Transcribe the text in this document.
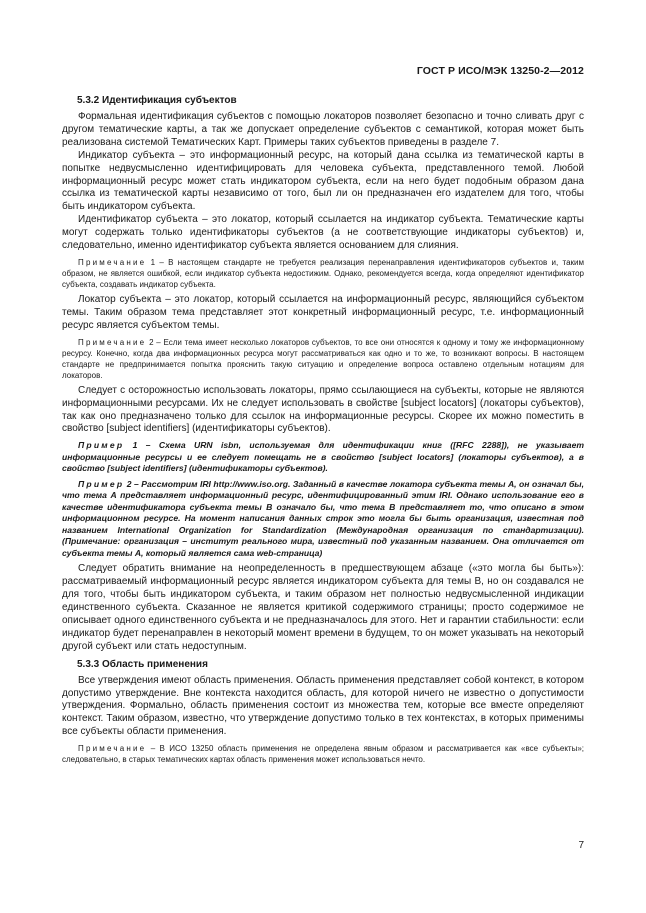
ГОСТ Р ИСО/МЭК 13250-2—2012
5.3.2 Идентификация субъектов

Формальная идентификация субъектов с помощью локаторов позволяет безопасно и точно сливать друг с другом тематические карты, а так же допускает определение субъектов с семантикой, которая может быть реализована системой Тематических Карт. Примеры таких субъектов приведены в разделе 7.

Индикатор субъекта – это информационный ресурс, на который дана ссылка из тематической карты в попытке недвусмысленно идентифицировать для человека субъекта, представленного темой. Любой информационный ресурс может стать индикатором субъекта, если на него будет подобным образом дана ссылка из тематической карты независимо от того, был ли он предназначен его издателем для того, чтобы быть индикатором субъекта.

Идентификатор субъекта – это локатор, который ссылается на индикатор субъекта. Тематические карты могут содержать только идентификаторы субъектов (а не соответствующие индикаторы субъектов) и, следовательно, именно идентификатор субъекта является основанием для слияния.

Примечание 1 – В настоящем стандарте не требуется реализация перенаправления идентификаторов субъектов и, таким образом, не является ошибкой, если индикатор субъекта недостижим. Однако, рекомендуется всегда, когда определяют идентификатор субъекта, создавать индикатор субъекта.

Локатор субъекта – это локатор, который ссылается на информационный ресурс, являющийся субъектом темы. Таким образом тема представляет этот конкретный информационный ресурс, т.е. информационный ресурс является субъектом темы.

Примечание 2 – Если тема имеет несколько локаторов субъектов, то все они относятся к одному и тому же информационному ресурсу. Конечно, когда два информационных ресурса могут рассматриваться как одно и то же, то возникают вопросы. В настоящем стандарте не предпринимается попытка прояснить такую ситуацию и определение вопроса оставлено отдельным нотациям для локаторов.

Следует с осторожностью использовать локаторы, прямо ссылающиеся на субъекты, которые не являются информационными ресурсами. Их не следует использовать в свойстве [subject locators] (локаторы субъектов), так как оно предназначено только для ссылок на информационные ресурсы. Скорее их можно поместить в свойство [subject identifiers] (идентификаторы субъектов).

Пример 1 – Схема URN isbn, используемая для идентификации книг ([RFC 2288]), не указывает информационные ресурсы и ее следует помещать не в свойство [subject locators] (локаторы субъектов), а в свойство [subject identifiers] (идентификаторы субъектов).

Пример 2 – Рассмотрим IRI http://www.iso.org. Заданный в качестве локатора субъекта темы A, он означал бы, что тема A представляет информационный ресурс, идентифицированный этим IRI. Однако использование его в качестве идентификатора субъекта темы B означало бы, что тема B представляет то, что описано в этом информационном ресурсе. На момент написания данных строк это могла бы быть организация, известная под названием International Organization for Standardization (Международная организация по стандартизации). (Примечание: организация – институт реального мира, известный под указанным названием. Она отличается от субъекта темы A, который является сама web-страница)

Следует обратить внимание на неопределенность в предшествующем абзаце («это могла бы быть»): рассматриваемый информационный ресурс является индикатором субъекта для темы B, но он создавался не для того, чтобы быть индикатором субъекта, и таким образом нет полностью недвусмысленной индикации единственного субъекта. Сказанное не является критикой содержимого страницы; просто содержимое не описывает одного единственного субъекта и не предназначалось для этого. Нет и гарантии стабильности: если индикатор будет перенаправлен в некоторый момент времени в будущем, то он может указывать на некоторый другой субъект или стать недоступным.

5.3.3 Область применения

Все утверждения имеют область применения. Область применения представляет собой контекст, в котором допустимо утверждение. Вне контекста находится область, для которой ничего не известно о допустимости утверждения. Формально, область применения состоит из множества тем, которые все вместе определяют контекст. Таким образом, известно, что утверждение допустимо только в тех контекстах, в которых применимы все субъекты области применения.

Примечание – В ИСО 13250 область применения не определена явным образом и рассматривается как «все субъекты»; следовательно, в старых тематических картах область применения может использоваться нечто.

7
